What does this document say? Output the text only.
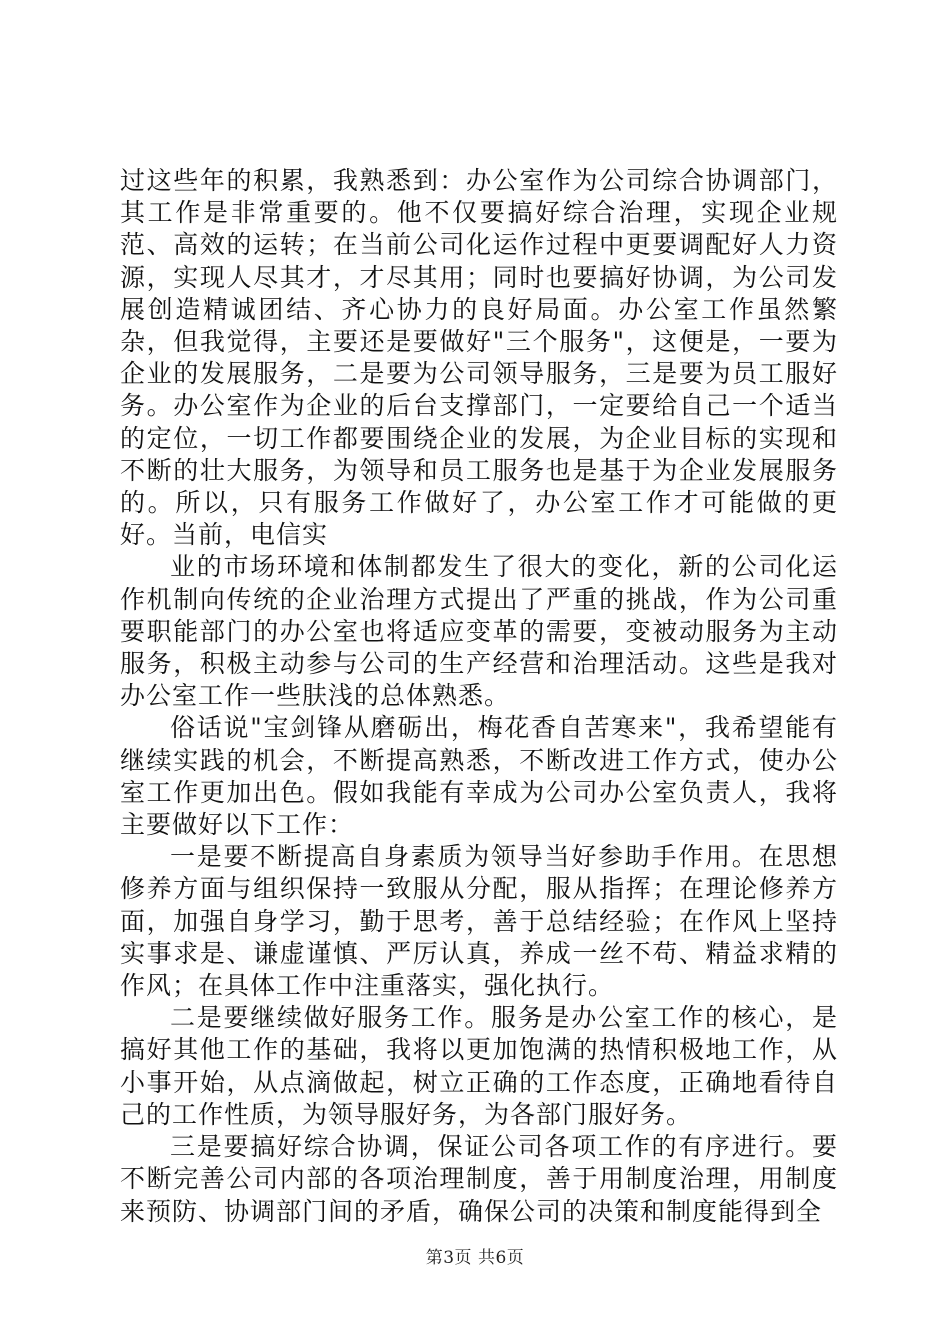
过这些年的积累，我熟悉到：办公室作为公司综合协调部门，其工作是非常重要的。他不仅要搞好综合治理，实现企业规范、高效的运转；在当前公司化运作过程中更要调配好人力资源，实现人尽其才，才尽其用；同时也要搞好协调，为公司发展创造精诚团结、齐心协力的良好局面。办公室工作虽然繁杂，但我觉得，主要还是要做好"三个服务"，这便是，一要为企业的发展服务，二是要为公司领导服务，三是要为员工服好务。办公室作为企业的后台支撑部门，一定要给自己一个适当的定位，一切工作都要围绕企业的发展，为企业目标的实现和不断的壮大服务，为领导和员工服务也是基于为企业发展服务的。所以，只有服务工作做好了，办公室工作才可能做的更好。当前，电信实

业的市场环境和体制都发生了很大的变化，新的公司化运作机制向传统的企业治理方式提出了严重的挑战，作为公司重要职能部门的办公室也将适应变革的需要，变被动服务为主动服务，积极主动参与公司的生产经营和治理活动。这些是我对办公室工作一些肤浅的总体熟悉。

俗话说"宝剑锋从磨砺出，梅花香自苦寒来"，我希望能有继续实践的机会，不断提高熟悉，不断改进工作方式，使办公室工作更加出色。假如我能有幸成为公司办公室负责人，我将主要做好以下工作：

一是要不断提高自身素质为领导当好参助手作用。在思想修养方面与组织保持一致服从分配，服从指挥；在理论修养方面，加强自身学习，勤于思考，善于总结经验；在作风上坚持实事求是、谦虚谨慎、严厉认真，养成一丝不苟、精益求精的作风；在具体工作中注重落实，强化执行。

二是要继续做好服务工作。服务是办公室工作的核心，是搞好其他工作的基础，我将以更加饱满的热情积极地工作，从小事开始，从点滴做起，树立正确的工作态度，正确地看待自己的工作性质，为领导服好务，为各部门服好务。

三是要搞好综合协调，保证公司各项工作的有序进行。要不断完善公司内部的各项治理制度，善于用制度治理，用制度来预防、协调部门间的矛盾，确保公司的决策和制度能得到全

第3页 共6页
